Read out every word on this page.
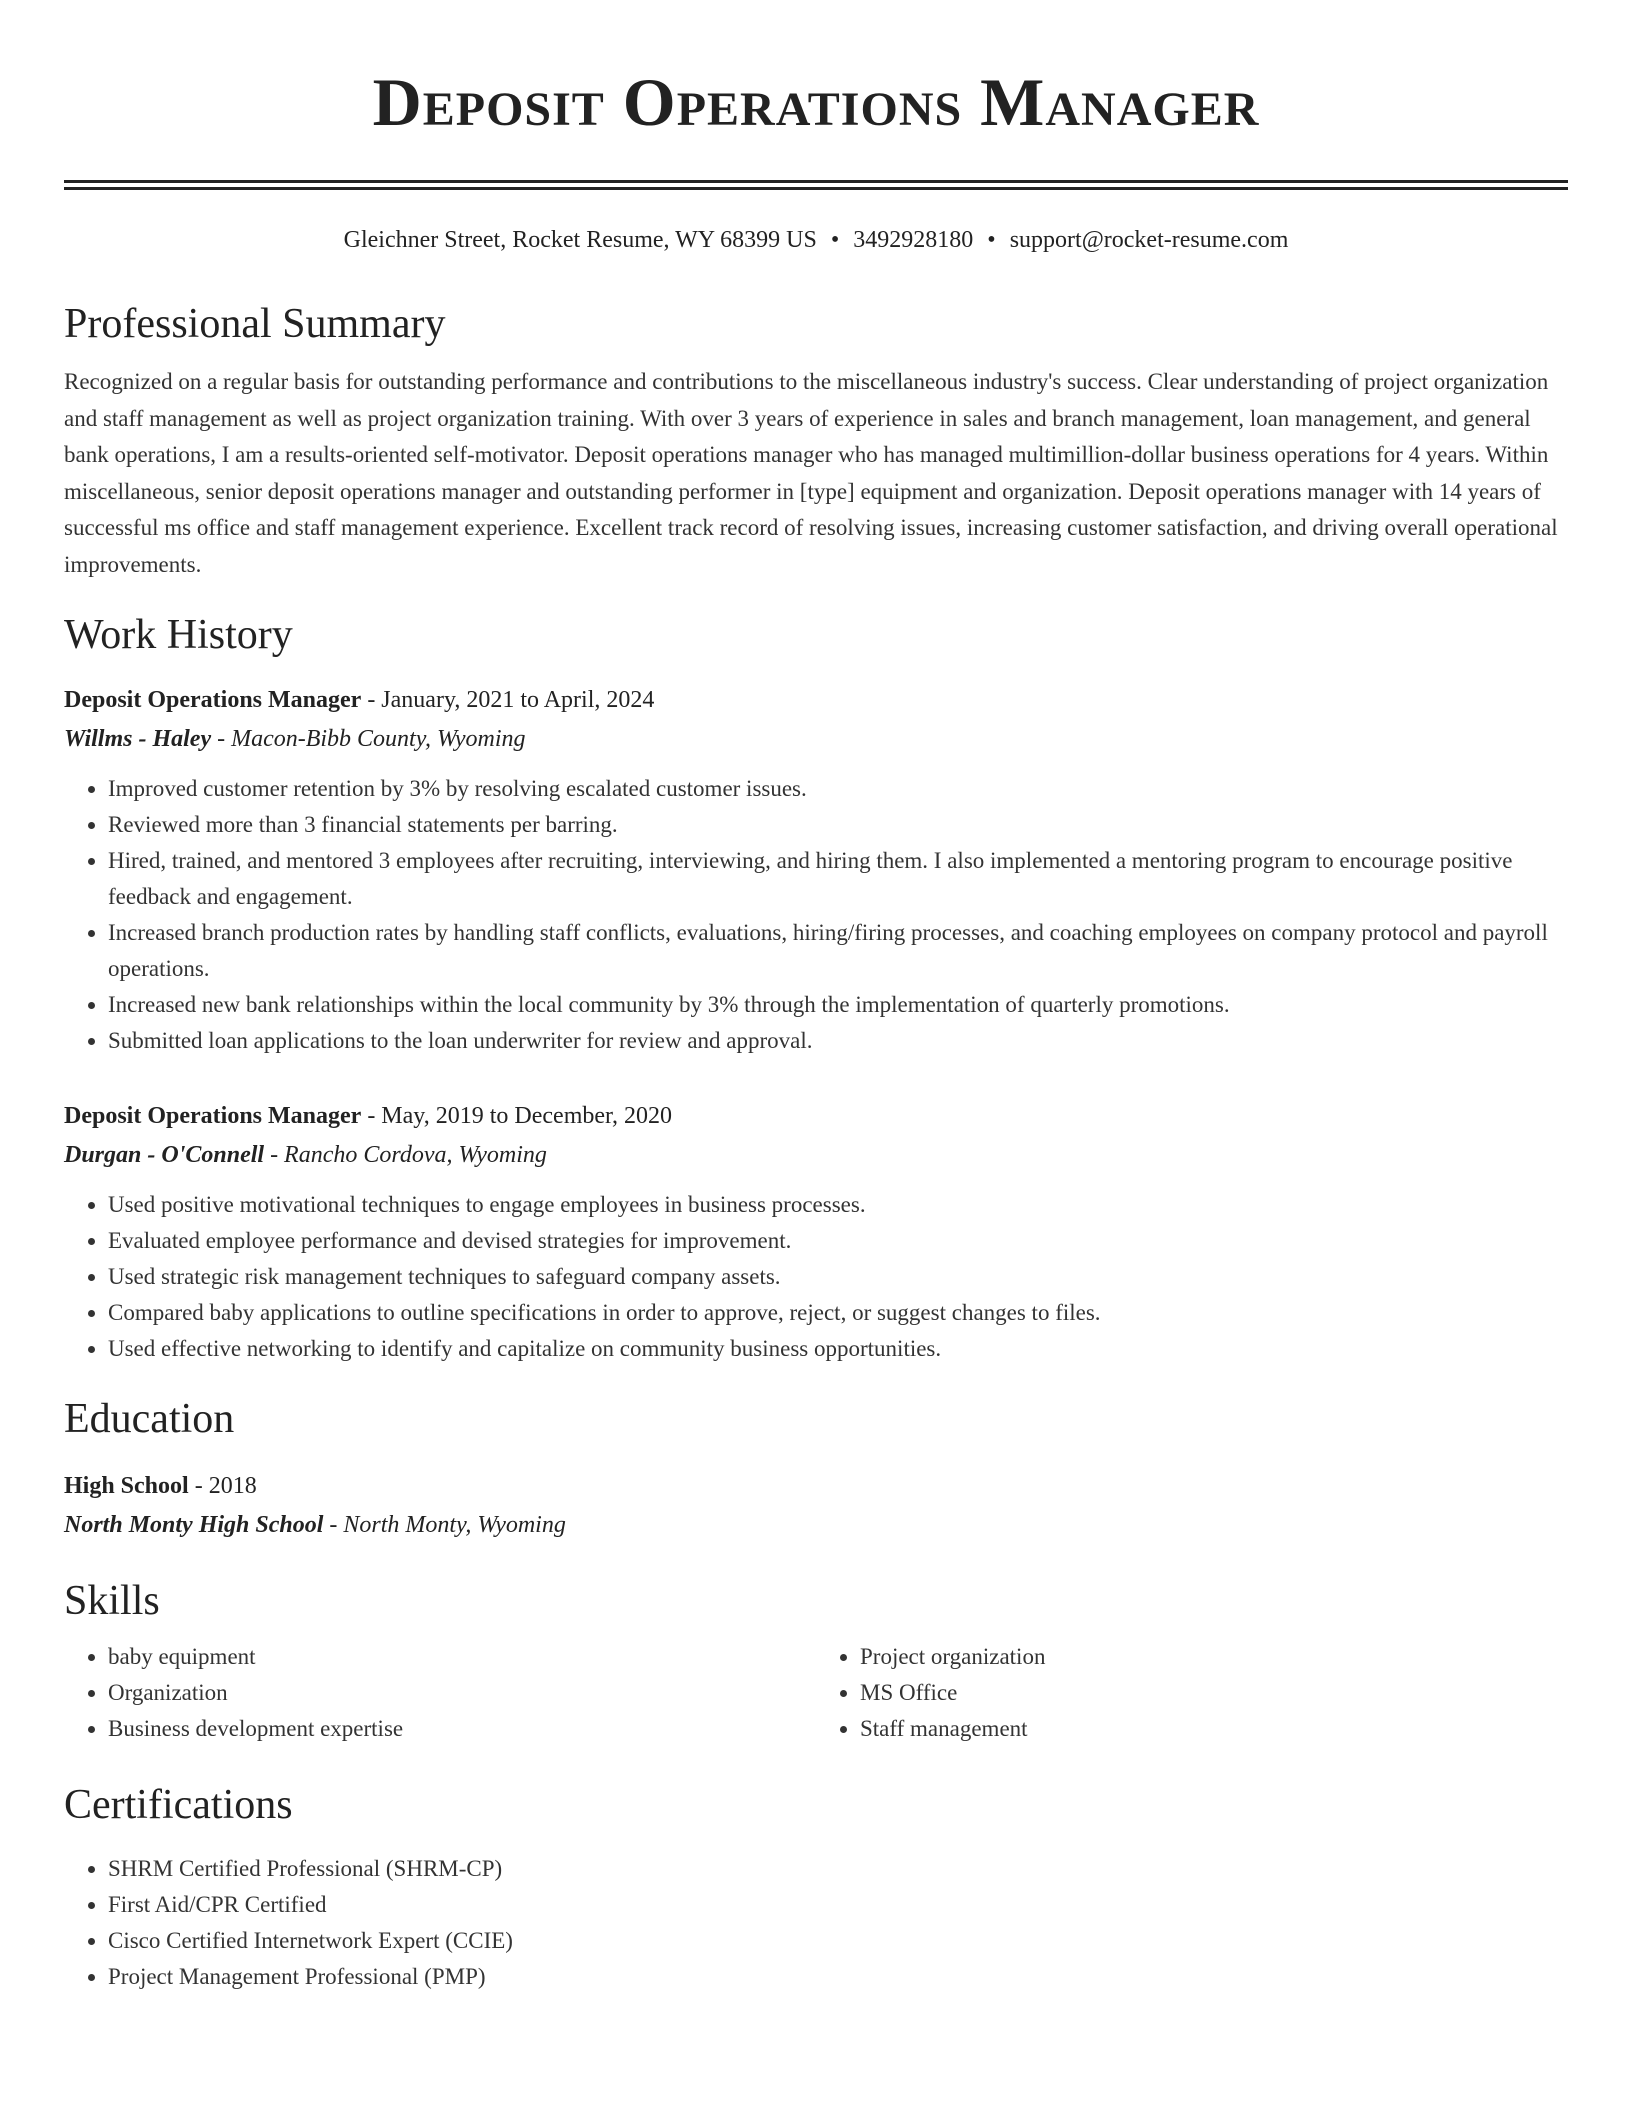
Deposit Operations Manager
Gleichner Street, Rocket Resume, WY 68399 US • 3492928180 • support@rocket-resume.com
Professional Summary

Recognized on a regular basis for outstanding performance and contributions to the miscellaneous industry's success. Clear understanding of project organization and staff management as well as project organization training. With over 3 years of experience in sales and branch management, loan management, and general bank operations, I am a results-oriented self-motivator. Deposit operations manager who has managed multimillion-dollar business operations for 4 years. Within miscellaneous, senior deposit operations manager and outstanding performer in [type] equipment and organization. Deposit operations manager with 14 years of successful ms office and staff management experience. Excellent track record of resolving issues, increasing customer satisfaction, and driving overall operational improvements.

Work History
Deposit Operations Manager - January, 2021 to April, 2024
Willms - Haley - Macon-Bibb County, Wyoming
• Improved customer retention by 3% by resolving escalated customer issues.
• Reviewed more than 3 financial statements per barring.
• Hired, trained, and mentored 3 employees after recruiting, interviewing, and hiring them. I also implemented a mentoring program to encourage positive feedback and engagement.
• Increased branch production rates by handling staff conflicts, evaluations, hiring/firing processes, and coaching employees on company protocol and payroll operations.
• Increased new bank relationships within the local community by 3% through the implementation of quarterly promotions.
• Submitted loan applications to the loan underwriter for review and approval.
Deposit Operations Manager - May, 2019 to December, 2020
Durgan - O'Connell - Rancho Cordova, Wyoming
• Used positive motivational techniques to engage employees in business processes.
• Evaluated employee performance and devised strategies for improvement.
• Used strategic risk management techniques to safeguard company assets.
• Compared baby applications to outline specifications in order to approve, reject, or suggest changes to files.
• Used effective networking to identify and capitalize on community business opportunities.
Education
High School - 2018
North Monty High School - North Monty, Wyoming
Skills
• baby equipment
• Organization
• Business development expertise
• Project organization
• MS Office
• Staff management
Certifications
• SHRM Certified Professional (SHRM-CP)
• First Aid/CPR Certified
• Cisco Certified Internetwork Expert (CCIE)
• Project Management Professional (PMP)
